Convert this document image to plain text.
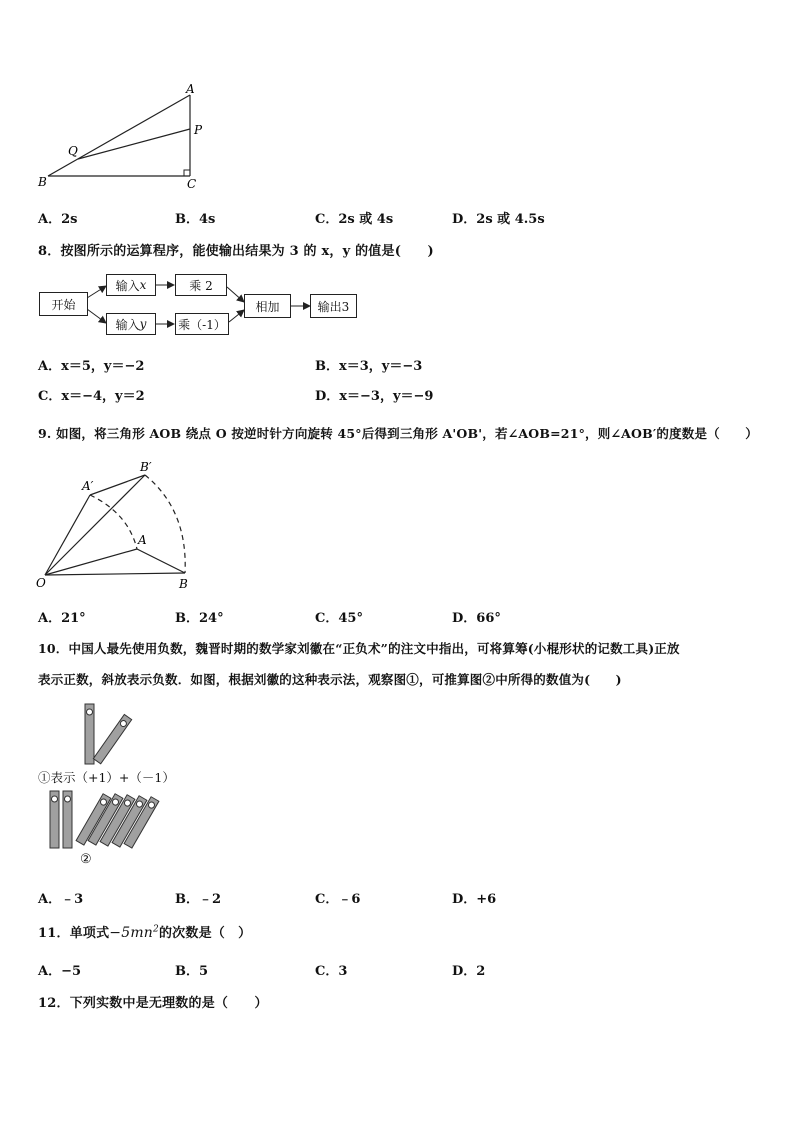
A
P
Q
B	C
A．2s	B．4s	C．2s 或 4s	D．2s 或 4.5s
8．按图所示的运算程序，能使输出结果为 3 的 x，y 的值是(　　)
开始
输入 x	乘 2
输入 y	乘（-1）
相加	输出3
A．x＝5，y＝−2	B．x＝3，y＝−3
C．x＝−4，y＝2	D．x＝−3，y＝−9
9. 如图，将三角形 AOB 绕点 O 按逆时针方向旋转 45°后得到三角形 A'OB'，若∠AOB=21°，则∠AOB′的度数是（　　）
A′
B′
A
O	B
A．21°	B．24°	C．45°	D．66°
10．中国人最先使用负数，魏晋时期的数学家刘徽在“正负术”的注文中指出，可将算筹(小棍形状的记数工具)正放
表示正数，斜放表示负数．如图，根据刘徽的这种表示法，观察图①，可推算图②中所得的数值为(　　)
①表示（+1）+（－1）
②
A．﹣3	B．﹣2	C．﹣6	D．+6
11．单项式$-5mn^2$的次数是（　）
A．−5	B．5	C．3	D．2
12．下列实数中是无理数的是（　　）
